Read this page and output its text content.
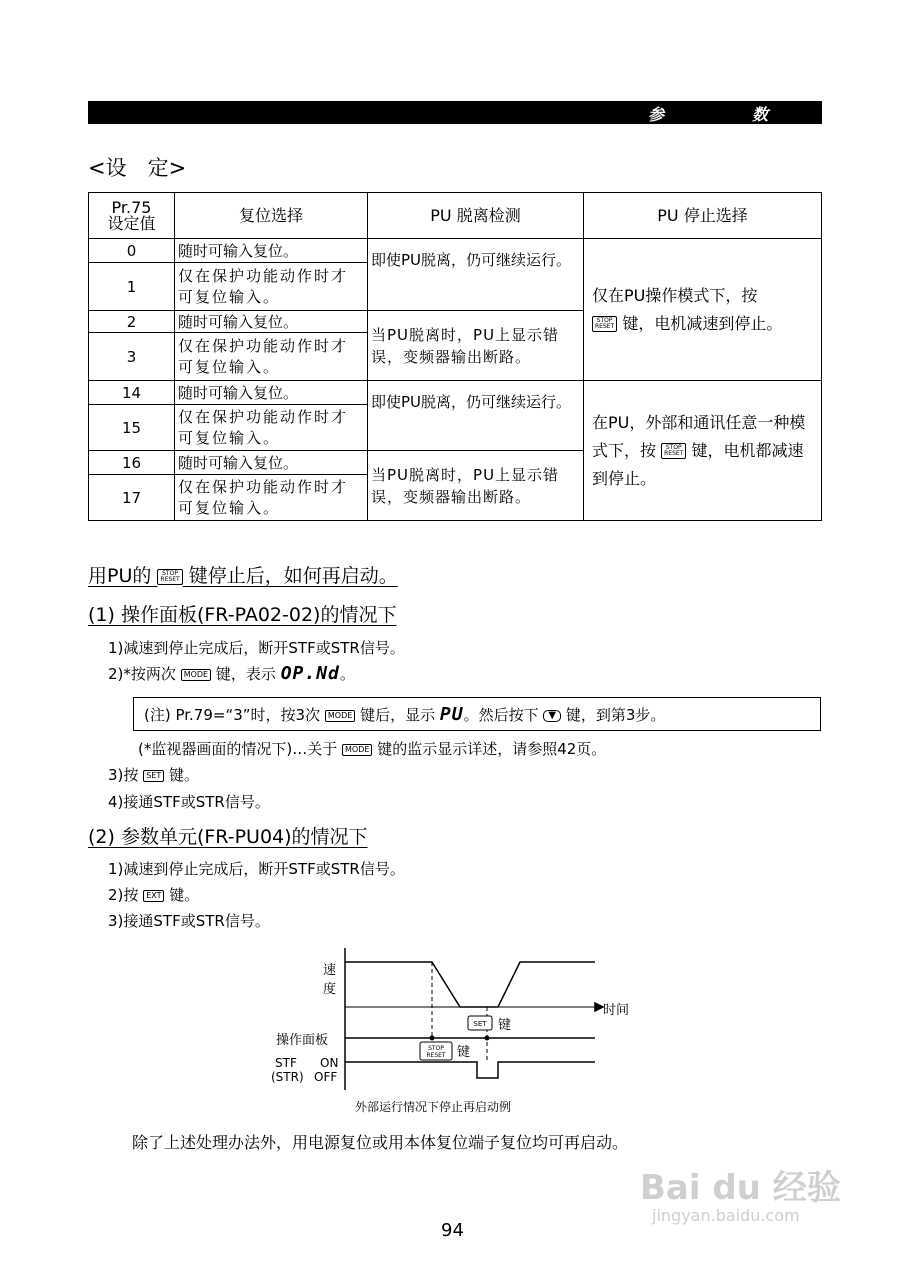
参	数
<设　定>
Pr.75
设定值	复位选择	PU 脱离检测	PU 停止选择
0	随时可输入复位。	即使PU脱离，仍可继续运行。	仅在PU操作模式下，按
STOP
RESET 键，电机减速到停止。
1	仅在保护功能动作时才可复位输入。		
2	随时可输入复位。	当PU脱离时，PU上显示错误，变频器输出断路。	
3	仅在保护功能动作时才可复位输入。		
14	随时可输入复位。	即使PU脱离，仍可继续运行。	在PU，外部和通讯任意一种模式下，按 STOP
RESET 键，电机都减速到停止。
15	仅在保护功能动作时才可复位输入。		
16	随时可输入复位。	当PU脱离时，PU上显示错误，变频器输出断路。	
17	仅在保护功能动作时才可复位输入。		
用PU的 STOP
RESET 键停止后，如何再启动。
(1) 操作面板(FR-PA02-02)的情况下
1)减速到停止完成后，断开STF或STR信号。
2)*按两次 MODE 键，表示 OP.Nd。
(注) Pr.79=“3”时，按3次 MODE 键后，显示 PU。然后按下 ▼ 键，到第3步。
(*监视器画面的情况下)…关于 MODE 键的监示显示详述，请参照42页。
3)按 SET 键。
4)接通STF或STR信号。
(2) 参数单元(FR-PU04)的情况下
1)减速到停止完成后，断开STF或STR信号。
2)按 EXT 键。
3)接通STF或STR信号。
速
度
时间
操作面板
键
键
STF ON
(STR) OFF
外部运行情况下停止再启动例
SET
STOP
RESET
除了上述处理办法外，用电源复位或用本体复位端子复位均可再启动。
Bai du 经验
jingyan.baidu.com
94
